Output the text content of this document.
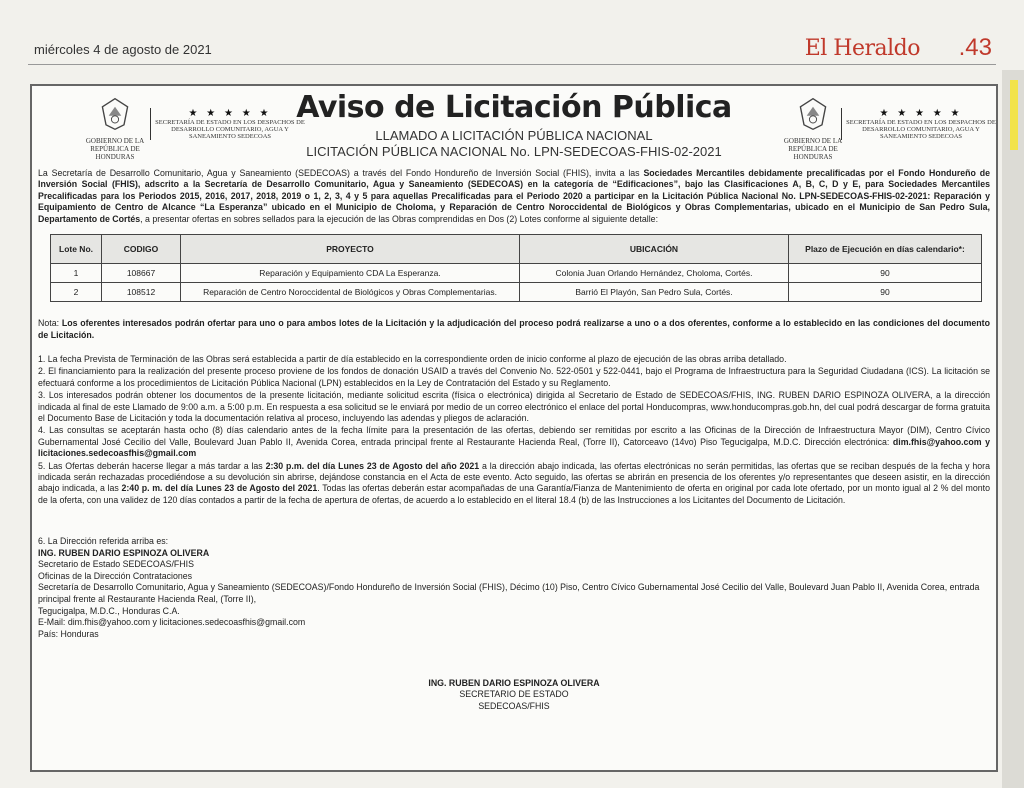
miércoles 4 de agosto de 2021	El Heraldo .43
GOBIERNO DE LA REPÚBLICA DE HONDURAS
★ ★ ★ ★ ★
SECRETARÍA DE ESTADO EN LOS DESPACHOS DE DESARROLLO COMUNITARIO, AGUA Y SANEAMIENTO SEDECOAS
GOBIERNO DE LA REPÚBLICA DE HONDURAS
★ ★ ★ ★ ★
SECRETARÍA DE ESTADO EN LOS DESPACHOS DE DESARROLLO COMUNITARIO, AGUA Y SANEAMIENTO SEDECOAS
Aviso de Licitación Pública
LLAMADO A LICITACIÓN PÚBLICA NACIONAL
LICITACIÓN PÚBLICA NACIONAL No. LPN-SEDECOAS-FHIS-02-2021
La Secretaría de Desarrollo Comunitario, Agua y Saneamiento (SEDECOAS) a través del Fondo Hondureño de Inversión Social (FHIS), invita a las Sociedades Mercantiles debidamente precalificadas por el Fondo Hondureño de Inversión Social (FHIS), adscrito a la Secretaría de Desarrollo Comunitario, Agua y Saneamiento (SEDECOAS) en la categoría de “Edificaciones”, bajo las Clasificaciones A, B, C, D y E, para Sociedades Mercantiles Precalificadas para los Periodos 2015, 2016, 2017, 2018, 2019 o 1, 2, 3, 4 y 5 para aquellas Precalificadas para el Periodo 2020 a participar en la Licitación Pública Nacional No. LPN-SEDECOAS-FHIS-02-2021: Reparación y Equipamiento de Centro de Alcance “La Esperanza” ubicado en el Municipio de Choloma, y Reparación de Centro Noroccidental de Biológicos y Obras Complementarias, ubicado en el Municipio de San Pedro Sula, Departamento de Cortés, a presentar ofertas en sobres sellados para la ejecución de las Obras comprendidas en Dos (2) Lotes conforme al siguiente detalle:
Lote No.	CODIGO	PROYECTO	UBICACIÓN	Plazo de Ejecución en días calendario*:
1	108667	Reparación y Equipamiento CDA La Esperanza.	Colonia Juan Orlando Hernández, Choloma, Cortés.	90
2	108512	Reparación de Centro Noroccidental de Biológicos y Obras Complementarias.	Barrió El Playón, San Pedro Sula, Cortés.	90
Nota: Los oferentes interesados podrán ofertar para uno o para ambos lotes de la Licitación y la adjudicación del proceso podrá realizarse a uno o a dos oferentes, conforme a lo establecido en las condiciones del documento de Licitación.

1. La fecha Prevista de Terminación de las Obras será establecida a partir de día establecido en la correspondiente orden de inicio conforme al plazo de ejecución de las obras arriba detallado.

2. El financiamiento para la realización del presente proceso proviene de los fondos de donación USAID a través del Convenio No. 522-0501 y 522-0441, bajo el Programa de Infraestructura para la Seguridad Ciudadana (ICS). La licitación se efectuará conforme a los procedimientos de Licitación Pública Nacional (LPN) establecidos en la Ley de Contratación del Estado y su Reglamento.

3. Los interesados podrán obtener los documentos de la presente licitación, mediante solicitud escrita (física o electrónica) dirigida al Secretario de Estado de SEDECOAS/FHIS, ING. RUBEN DARIO ESPINOZA OLIVERA, a la dirección indicada al final de este Llamado de 9:00 a.m. a 5:00 p.m. En respuesta a esa solicitud se le enviará por medio de un correo electrónico el enlace del portal Honducompras, www.honducompras.gob.hn, del cual podrá descargar de forma gratuita el Documento Base de Licitación y toda la documentación relativa al proceso, incluyendo las adendas y pliegos de aclaración.

4. Las consultas se aceptarán hasta ocho (8) días calendario antes de la fecha límite para la presentación de las ofertas, debiendo ser remitidas por escrito a las Oficinas de la Dirección de Infraestructura Mayor (DIM), Centro Cívico Gubernamental José Cecilio del Valle, Boulevard Juan Pablo II, Avenida Corea, entrada principal frente al Restaurante Hacienda Real, (Torre II), Catorceavo (14vo) Piso Tegucigalpa, M.D.C. Dirección electrónica: dim.fhis@yahoo.com y licitaciones.sedecoasfhis@gmail.com

5. Las Ofertas deberán hacerse llegar a más tardar a las 2:30 p.m. del día Lunes 23 de Agosto del año 2021 a la dirección abajo indicada, las ofertas electrónicas no serán permitidas, las ofertas que se reciban después de la fecha y hora indicada serán rechazadas procediéndose a su devolución sin abrirse, dejándose constancia en el Acta de este evento. Acto seguido, las ofertas se abrirán en presencia de los oferentes y/o representantes que deseen asistir, en la dirección abajo indicada, a las 2:40 p. m. del día Lunes 23 de Agosto del 2021. Todas las ofertas deberán estar acompañadas de una Garantía/Fianza de Mantenimiento de oferta en original por cada lote ofertado, por un monto igual al 2 % del monto de la oferta, con una validez de 120 días contados a partir de la fecha de apertura de ofertas, de acuerdo a lo establecido en el literal 18.4 (b) de las Instrucciones a los Licitantes del Documento de Licitación.

6. La Dirección referida arriba es:
ING. RUBEN DARIO ESPINOZA OLIVERA
Secretario de Estado SEDECOAS/FHIS
Oficinas de la Dirección Contrataciones
Secretaría de Desarrollo Comunitario, Agua y Saneamiento (SEDECOAS)/Fondo Hondureño de Inversión Social (FHIS), Décimo (10) Piso, Centro Cívico Gubernamental José Cecilio del Valle, Boulevard Juan Pablo II, Avenida Corea, entrada principal frente al Restaurante Hacienda Real, (Torre II),
Tegucigalpa, M.D.C., Honduras C.A.
E-Mail: dim.fhis@yahoo.com y licitaciones.sedecoasfhis@gmail.com
País: Honduras
ING. RUBEN DARIO ESPINOZA OLIVERA
SECRETARIO DE ESTADO
SEDECOAS/FHIS
